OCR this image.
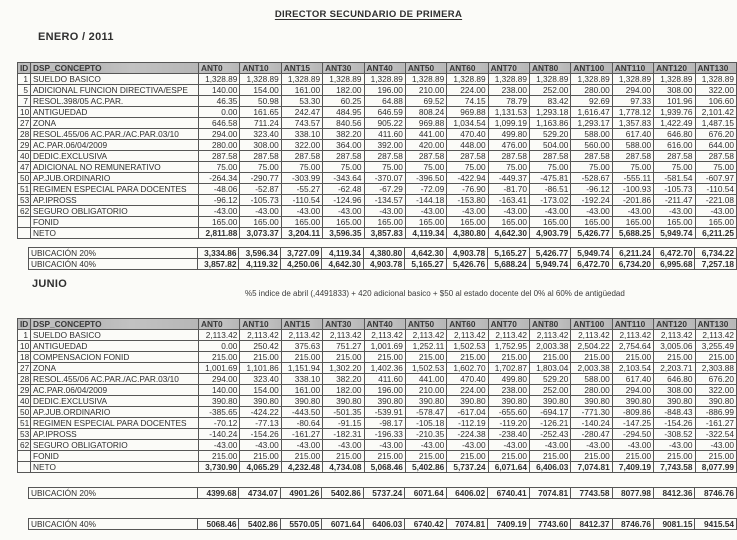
DIRECTOR SECUNDARIO DE PRIMERA
ENERO / 2011
ID	DSP_CONCEPTO	ANT0	ANT10	ANT15	ANT30	ANT40	ANT50	ANT60	ANT70	ANT80	ANT100	ANT110	ANT120	ANT130
1	SUELDO BASICO	1,328.89	1,328.89	1,328.89	1,328.89	1,328.89	1,328.89	1,328.89	1,328.89	1,328.89	1,328.89	1,328.89	1,328.89	1,328.89
5	ADICIONAL FUNCION DIRECTIVA/ESPE	140.00	154.00	161.00	182.00	196.00	210.00	224.00	238.00	252.00	280.00	294.00	308.00	322.00
7	RESOL.398/05 AC.PAR.	46.35	50.98	53.30	60.25	64.88	69.52	74.15	78.79	83.42	92.69	97.33	101.96	106.60
10	ANTIGUEDAD	0.00	161.65	242.47	484.95	646.59	808.24	969.88	1,131.53	1,293.18	1,616.47	1,778.12	1,939.76	2,101.42
27	ZONA	646.58	711.24	743.57	840.56	905.22	969.88	1,034.54	1,099.19	1,163.86	1,293.17	1,357.83	1,422.49	1,487.15
28	RESOL.455/06 AC.PAR./AC.PAR.03/10	294.00	323.40	338.10	382.20	411.60	441.00	470.40	499.80	529.20	588.00	617.40	646.80	676.20
29	AC.PAR.06/04/2009	280.00	308.00	322.00	364.00	392.00	420.00	448.00	476.00	504.00	560.00	588.00	616.00	644.00
40	DEDIC.EXCLUSIVA	287.58	287.58	287.58	287.58	287.58	287.58	287.58	287.58	287.58	287.58	287.58	287.58	287.58
47	ADICIONAL NO REMUNERATIVO	75.00	75.00	75.00	75.00	75.00	75.00	75.00	75.00	75.00	75.00	75.00	75.00	75.00
50	AP.JUB.ORDINARIO	-264.34	-290.77	-303.99	-343.64	-370.07	-396.50	-422.94	-449.37	-475.81	-528.67	-555.11	-581.54	-607.97
51	REGIMEN ESPECIAL PARA DOCENTES	-48.06	-52.87	-55.27	-62.48	-67.29	-72.09	-76.90	-81.70	-86.51	-96.12	-100.93	-105.73	-110.54
53	AP.IPROSS	-96.12	-105.73	-110.54	-124.96	-134.57	-144.18	-153.80	-163.41	-173.02	-192.24	-201.86	-211.47	-221.08
62	SEGURO OBLIGATORIO	-43.00	-43.00	-43.00	-43.00	-43.00	-43.00	-43.00	-43.00	-43.00	-43.00	-43.00	-43.00	-43.00
	FONID	165.00	165.00	165.00	165.00	165.00	165.00	165.00	165.00	165.00	165.00	165.00	165.00	165.00
	NETO	2,811.88	3,073.37	3,204.11	3,596.35	3,857.83	4,119.34	4,380.80	4,642.30	4,903.79	5,426.77	5,688.25	5,949.74	6,211.25
UBICACIÓN 20%	3,334.86	3,596.34	3,727.09	4,119.34	4,380.80	4,642.30	4,903.78	5,165.27	5,426.77	5,949.74	6,211.24	6,472.70	6,734.22
UBICACIÓN 40%	3,857.82	4,119.32	4,250.06	4,642.30	4,903.78	5,165.27	5,426.76	5,688.24	5,949.74	6,472.70	6,734.20	6,995.68	7,257.18
JUNIO
%5 indice de abril (,4491833) + 420 adicional basico + $50 al estado docente del 0% al 60% de antigüedad
ID	DSP_CONCEPTO	ANT0	ANT10	ANT15	ANT30	ANT40	ANT50	ANT60	ANT70	ANT80	ANT100	ANT110	ANT120	ANT130
1	SUELDO BASICO	2,113.42	2,113.42	2,113.42	2,113.42	2,113.42	2,113.42	2,113.42	2,113.42	2,113.42	2,113.42	2,113.42	2,113.42	2,113.42
10	ANTIGUEDAD	0.00	250.42	375.63	751.27	1,001.69	1,252.11	1,502.53	1,752.95	2,003.38	2,504.22	2,754.64	3,005.06	3,255.49
18	COMPENSACION FONID	215.00	215.00	215.00	215.00	215.00	215.00	215.00	215.00	215.00	215.00	215.00	215.00	215.00
27	ZONA	1,001.69	1,101.86	1,151.94	1,302.20	1,402.36	1,502.53	1,602.70	1,702.87	1,803.04	2,003.38	2,103.54	2,203.71	2,303.88
28	RESOL.455/06 AC.PAR./AC.PAR.03/10	294.00	323.40	338.10	382.20	411.60	441.00	470.40	499.80	529.20	588.00	617.40	646.80	676.20
29	AC.PAR.06/04/2009	140.00	154.00	161.00	182.00	196.00	210.00	224.00	238.00	252.00	280.00	294.00	308.00	322.00
40	DEDIC.EXCLUSIVA	390.80	390.80	390.80	390.80	390.80	390.80	390.80	390.80	390.80	390.80	390.80	390.80	390.80
50	AP.JUB.ORDINARIO	-385.65	-424.22	-443.50	-501.35	-539.91	-578.47	-617.04	-655.60	-694.17	-771.30	-809.86	-848.43	-886.99
51	REGIMEN ESPECIAL PARA DOCENTES	-70.12	-77.13	-80.64	-91.15	-98.17	-105.18	-112.19	-119.20	-126.21	-140.24	-147.25	-154.26	-161.27
53	AP.IPROSS	-140.24	-154.26	-161.27	-182.31	-196.33	-210.35	-224.38	-238.40	-252.43	-280.47	-294.50	-308.52	-322.54
62	SEGURO OBLIGATORIO	-43.00	-43.00	-43.00	-43.00	-43.00	-43.00	-43.00	-43.00	-43.00	-43.00	-43.00	-43.00	-43.00
	FONID	215.00	215.00	215.00	215.00	215.00	215.00	215.00	215.00	215.00	215.00	215.00	215.00	215.00
	NETO	3,730.90	4,065.29	4,232.48	4,734.08	5,068.46	5,402.86	5,737.24	6,071.64	6,406.03	7,074.81	7,409.19	7,743.58	8,077.99
UBICACIÓN 20%	4399.68	4734.07	4901.26	5402.86	5737.24	6071.64	6406.02	6740.41	7074.81	7743.58	8077.98	8412.36	8746.76
UBICACIÓN 40%	5068.46	5402.86	5570.05	6071.64	6406.03	6740.42	7074.81	7409.19	7743.60	8412.37	8746.76	9081.15	9415.54
